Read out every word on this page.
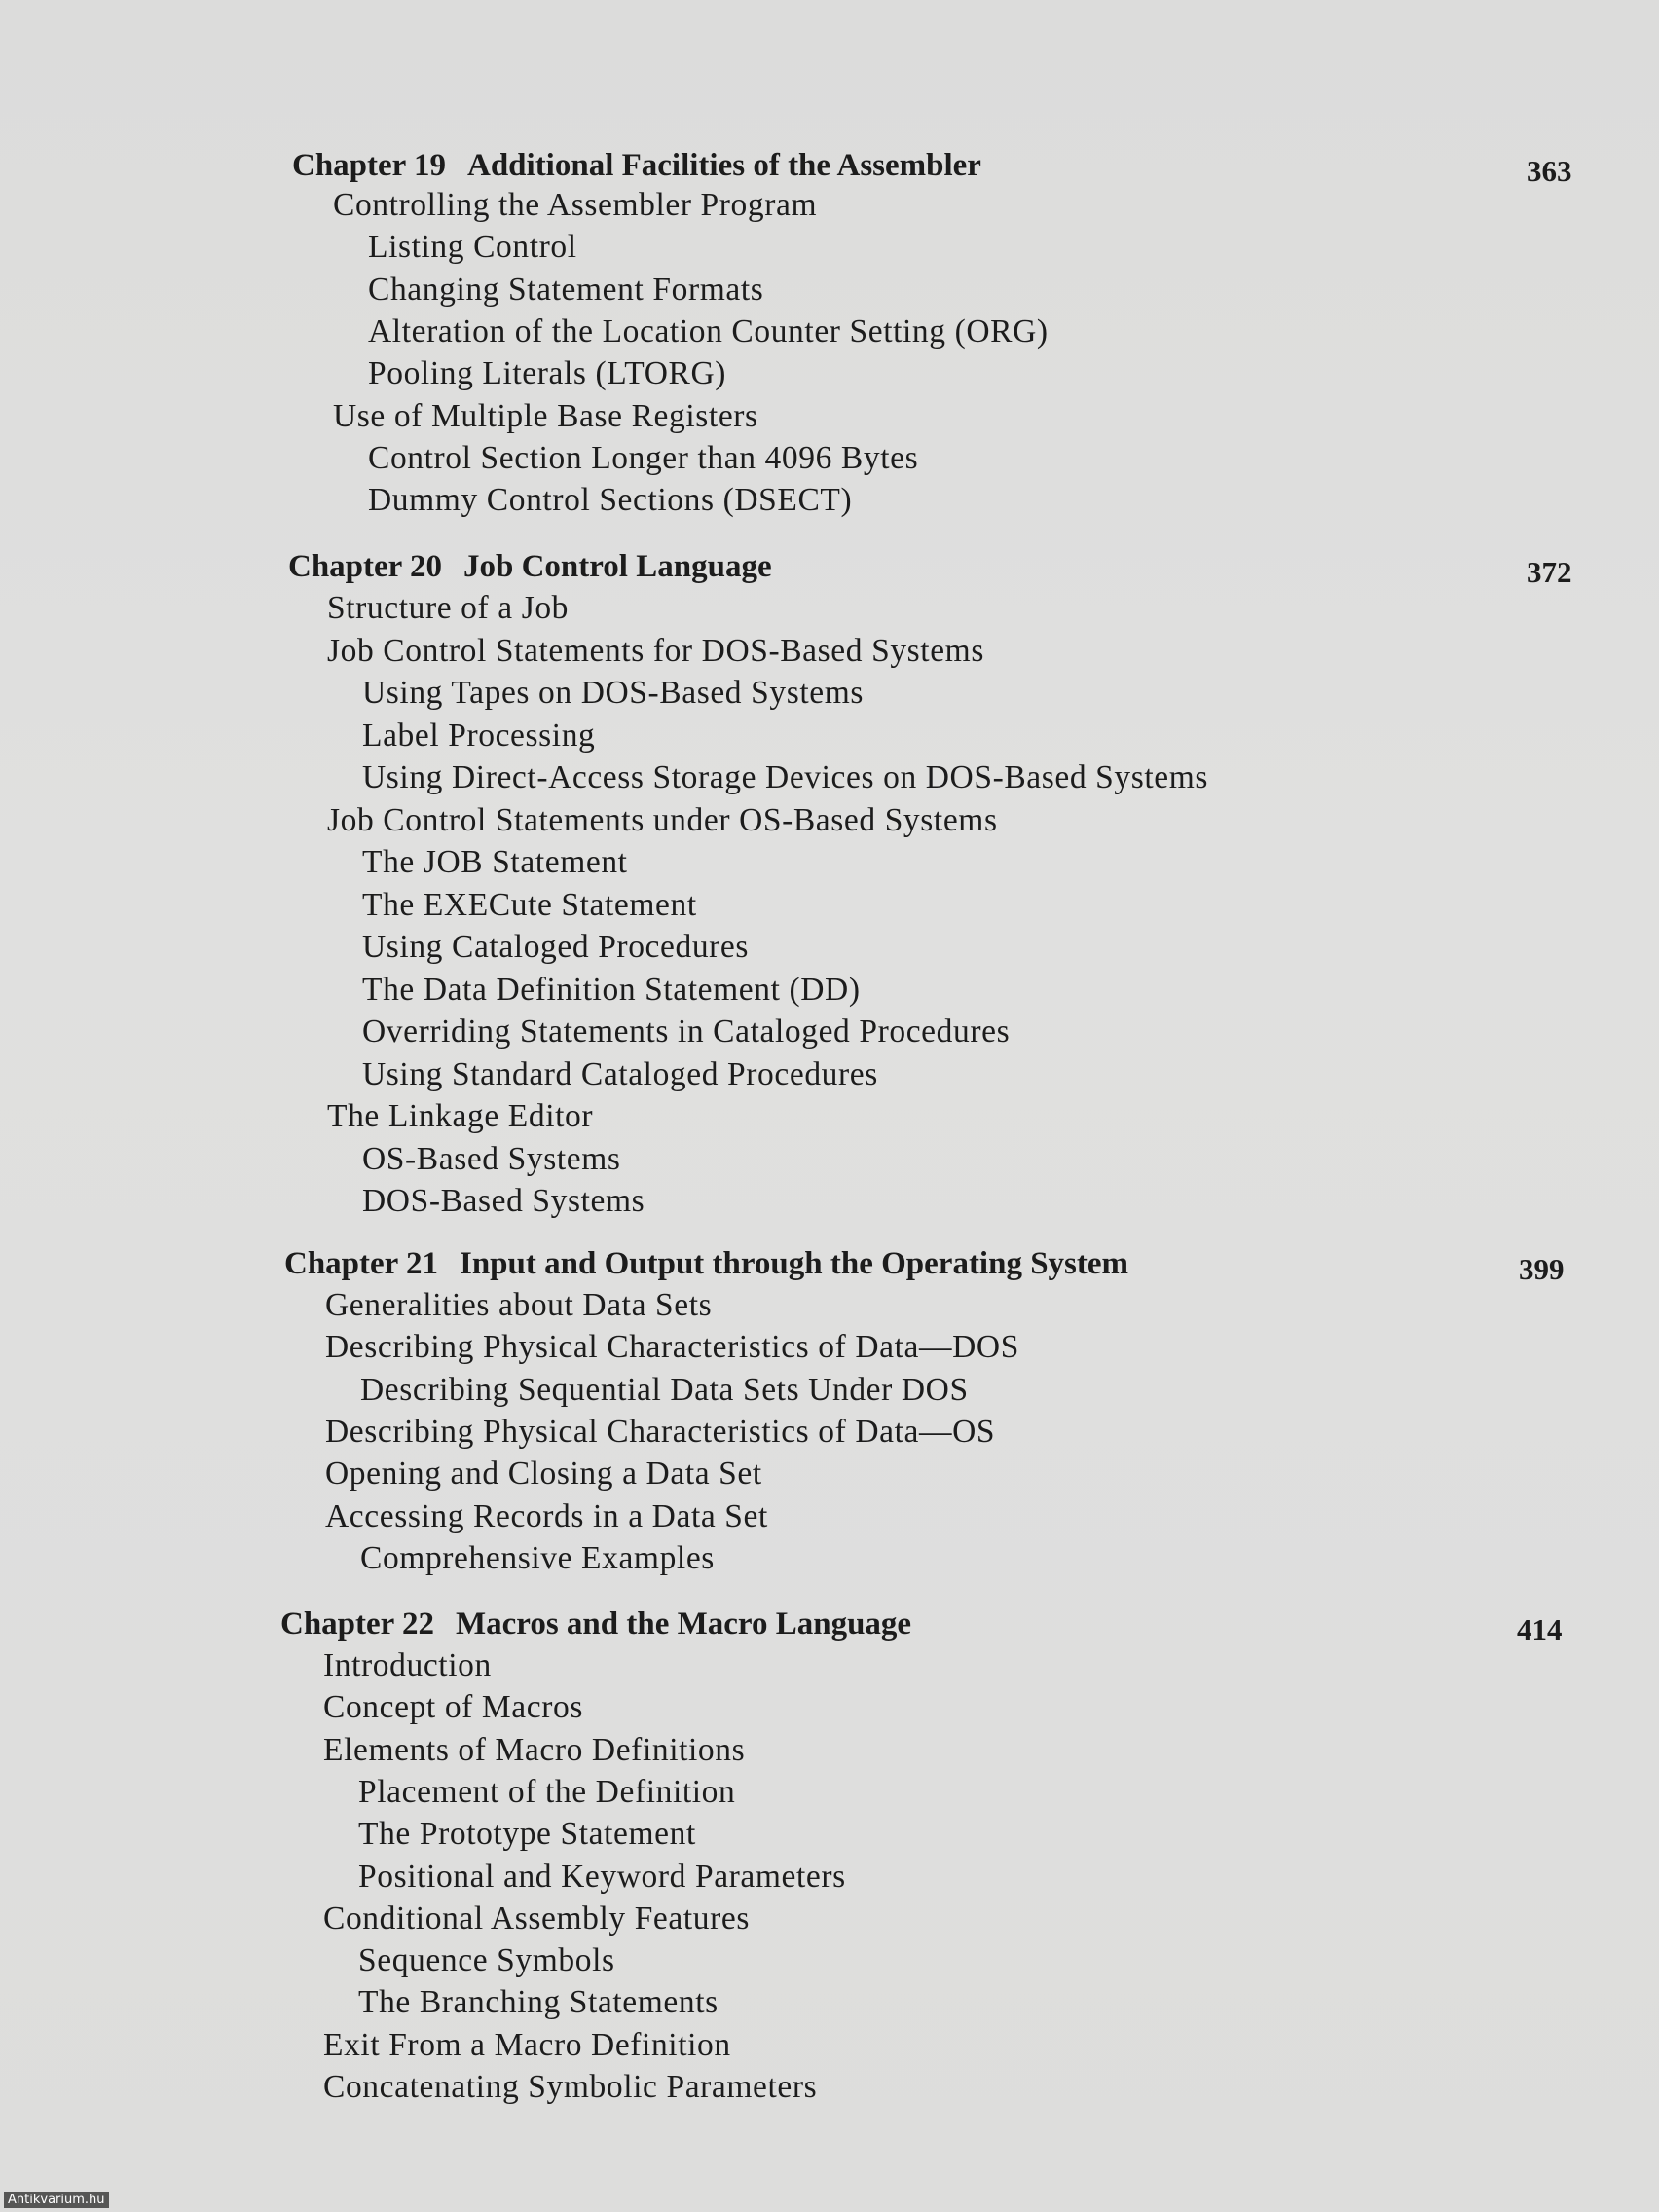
Chapter 19 Additional Facilities of the Assembler	363
Controlling the Assembler Program
Listing Control
Changing Statement Formats
Alteration of the Location Counter Setting (ORG)
Pooling Literals (LTORG)
Use of Multiple Base Registers
Control Section Longer than 4096 Bytes
Dummy Control Sections (DSECT)
Chapter 20 Job Control Language	372
Structure of a Job
Job Control Statements for DOS-Based Systems
Using Tapes on DOS-Based Systems
Label Processing
Using Direct-Access Storage Devices on DOS-Based Systems
Job Control Statements under OS-Based Systems
The JOB Statement
The EXECute Statement
Using Cataloged Procedures
The Data Definition Statement (DD)
Overriding Statements in Cataloged Procedures
Using Standard Cataloged Procedures
The Linkage Editor
OS-Based Systems
DOS-Based Systems
Chapter 21 Input and Output through the Operating System	399
Generalities about Data Sets
Describing Physical Characteristics of Data—DOS
Describing Sequential Data Sets Under DOS
Describing Physical Characteristics of Data—OS
Opening and Closing a Data Set
Accessing Records in a Data Set
Comprehensive Examples
Chapter 22 Macros and the Macro Language	414
Introduction
Concept of Macros
Elements of Macro Definitions
Placement of the Definition
The Prototype Statement
Positional and Keyword Parameters
Conditional Assembly Features
Sequence Symbols
The Branching Statements
Exit From a Macro Definition
Concatenating Symbolic Parameters
Antikvarium.hu
